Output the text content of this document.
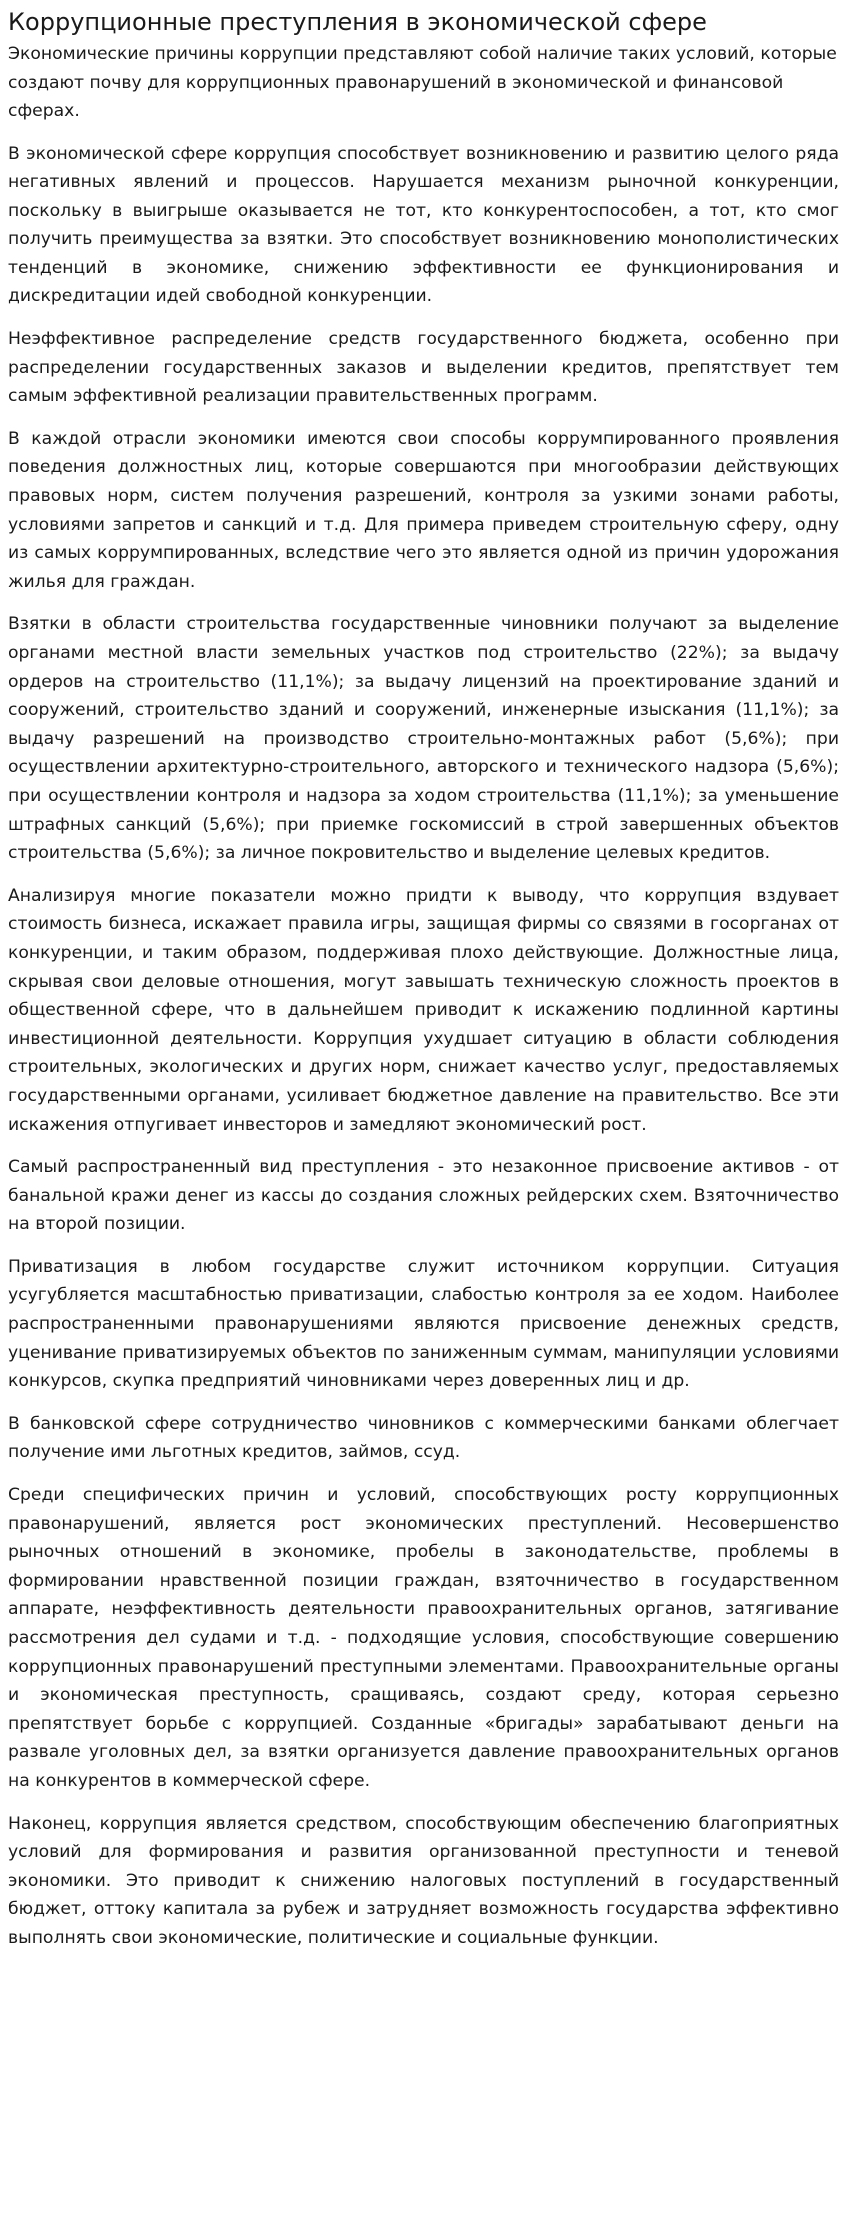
Коррупционные преступления в экономической сфере

Экономические причины коррупции представляют собой наличие таких условий, которые создают почву для коррупционных правонарушений в экономической и финансовой сферах.

В экономической сфере коррупция способствует возникновению и развитию целого ряда негативных явлений и процессов. Нарушается механизм рыночной конкуренции, поскольку в выигрыше оказывается не тот, кто конкурентоспособен, а тот, кто смог получить преимущества за взятки. Это способствует возникновению монополистических тенденций в экономике, снижению эффективности ее функционирования и дискредитации идей свободной конкуренции.

Неэффективное распределение средств государственного бюджета, особенно при распределении государственных заказов и выделении кредитов, препятствует тем самым эффективной реализации правительственных программ.

В каждой отрасли экономики имеются свои способы коррумпированного проявления поведения должностных лиц, которые совершаются при многообразии действующих правовых норм, систем получения разрешений, контроля за узкими зонами работы, условиями запретов и санкций и т.д. Для примера приведем строительную сферу, одну из самых коррумпированных, вследствие чего это является одной из причин удорожания жилья для граждан.

Взятки в области строительства государственные чиновники получают за выделение органами местной власти земельных участков под строительство (22%); за выдачу ордеров на строительство (11,1%); за выдачу лицензий на проектирование зданий и сооружений, строительство зданий и сооружений, инженерные изыскания (11,1%); за выдачу разрешений на производство строительно-монтажных работ (5,6%); при осуществлении архитектурно-строительного, авторского и технического надзора (5,6%); при осуществлении контроля и надзора за ходом строительства (11,1%); за уменьшение штрафных санкций (5,6%); при приемке госкомиссий в строй завершенных объектов строительства (5,6%); за личное покровительство и выделение целевых кредитов.

Анализируя многие показатели можно придти к выводу, что коррупция вздувает стоимость бизнеса, искажает правила игры, защищая фирмы со связями в госорганах от конкуренции, и таким образом, поддерживая плохо действующие. Должностные лица, скрывая свои деловые отношения, могут завышать техническую сложность проектов в общественной сфере, что в дальнейшем приводит к искажению подлинной картины инвестиционной деятельности. Коррупция ухудшает ситуацию в области соблюдения строительных, экологических и других норм, снижает качество услуг, предоставляемых государственными органами, усиливает бюджетное давление на правительство. Все эти искажения отпугивает инвесторов и замедляют экономический рост.

Самый распространенный вид преступления - это незаконное присвоение активов - от банальной кражи денег из кассы до создания сложных рейдерских схем. Взяточничество на второй позиции.

Приватизация в любом государстве служит источником коррупции. Ситуация усугубляется масштабностью приватизации, слабостью контроля за ее ходом. Наиболее распространенными правонарушениями являются присвоение денежных средств, уценивание приватизируемых объектов по заниженным суммам, манипуляции условиями конкурсов, скупка предприятий чиновниками через доверенных лиц и др.

В банковской сфере сотрудничество чиновников с коммерческими банками облегчает получение ими льготных кредитов, займов, ссуд.

Среди специфических причин и условий, способствующих росту коррупционных правонарушений, является рост экономических преступлений. Несовершенство рыночных отношений в экономике, пробелы в законодательстве, проблемы в формировании нравственной позиции граждан, взяточничество в государственном аппарате, неэффективность деятельности правоохранительных органов, затягивание рассмотрения дел судами и т.д. - подходящие условия, способствующие совершению коррупционных правонарушений преступными элементами. Правоохранительные органы и экономическая преступность, сращиваясь, создают среду, которая серьезно препятствует борьбе с коррупцией. Созданные «бригады» зарабатывают деньги на развале уголовных дел, за взятки организуется давление правоохранительных органов на конкурентов в коммерческой сфере.

Наконец, коррупция является средством, способствующим обеспечению благоприятных условий для формирования и развития организованной преступности и теневой экономики. Это приводит к снижению налоговых поступлений в государственный бюджет, оттоку капитала за рубеж и затрудняет возможность государства эффективно выполнять свои экономические, политические и социальные функции.
